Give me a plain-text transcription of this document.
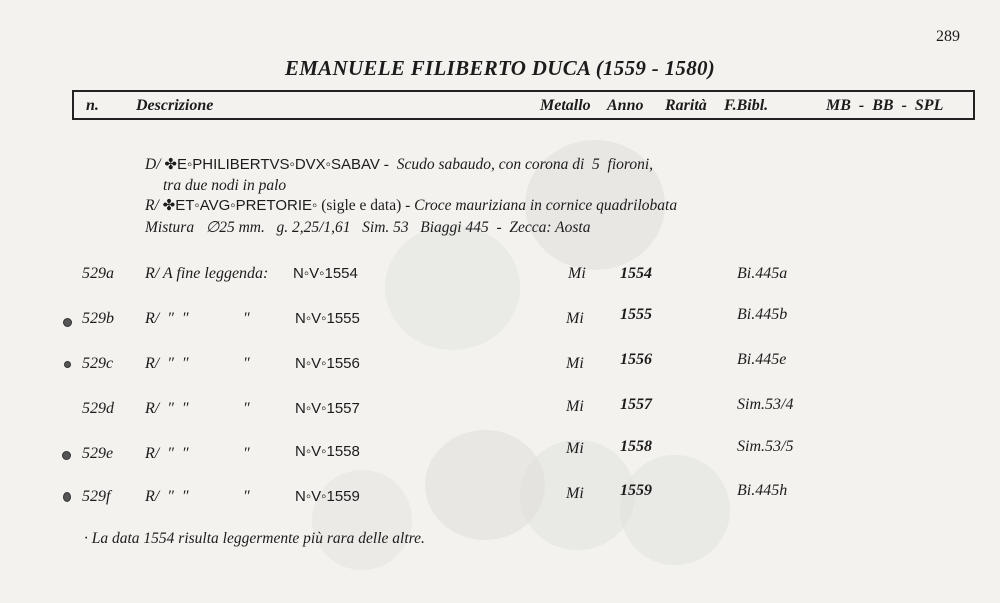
289
EMANUELE FILIBERTO DUCA (1559 - 1580)
n. Descrizione	Metallo Anno Rarità F.Bibl.	MB  -  BB  -  SPL
D/ ✤E◦PHILIBERTVS◦DVX◦SABAV -  Scudo sabaudo, con corona di  5  fioroni,
tra due nodi in palo
R/ ✤ET◦AVG◦PRETORIE◦ (sigle e data) - Croce mauriziana in cornice quadrilobata
Mistura   ∅25 mm.   g. 2,25/1,61   Sim. 53   Biaggi 445  -  Zecca: Aosta
529a R/ A fine leggenda: N◦V◦1554	Mi 1554	Bi.445a
529b R/  ″  ″	″	N◦V◦1555	Mi 1555	Bi.445b
529c R/  ″  ″	″	N◦V◦1556	Mi 1556	Bi.445e
529d R/  ″  ″	″	N◦V◦1557	Mi 1557	Sim.53/4
529e R/  ″  ″	″	N◦V◦1558	Mi 1558	Sim.53/5
529f R/  ″  ″	″	N◦V◦1559	Mi 1559	Bi.445h
· La data 1554 risulta leggermente più rara delle altre.
